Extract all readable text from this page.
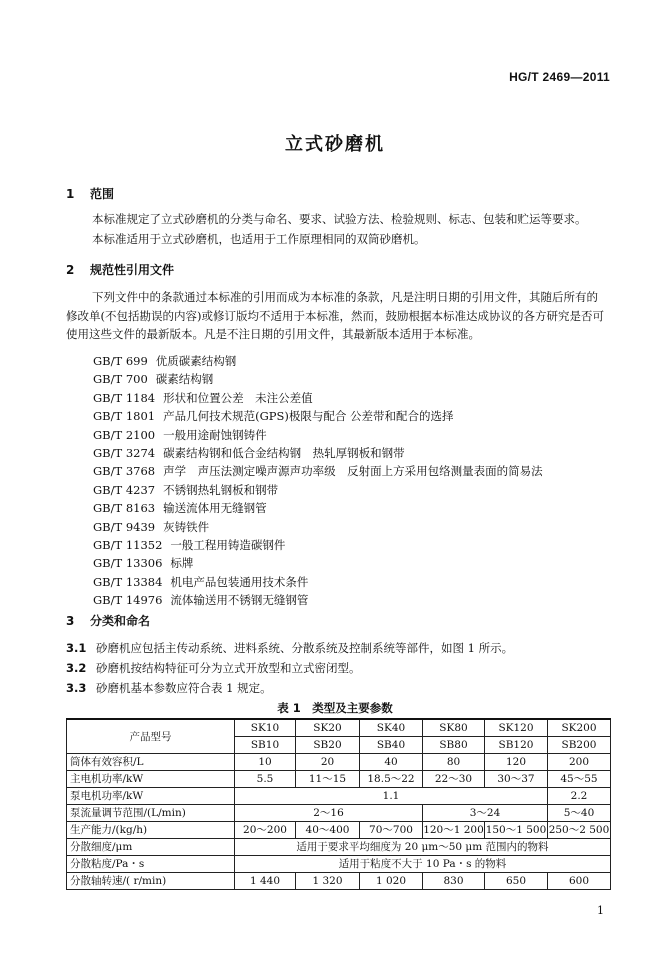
HG/T 2469—2011
立式砂磨机
1 范围
本标准规定了立式砂磨机的分类与命名、要求、试验方法、检验规则、标志、包装和贮运等要求。
本标准适用于立式砂磨机，也适用于工作原理相同的双筒砂磨机。
2 规范性引用文件
下列文件中的条款通过本标准的引用而成为本标准的条款，凡是注明日期的引用文件，其随后所有的修改单(不包括勘误的内容)或修订版均不适用于本标准，然而，鼓励根据本标准达成协议的各方研究是否可使用这些文件的最新版本。凡是不注日期的引用文件，其最新版本适用于本标准。
GB/T 699 优质碳素结构钢
GB/T 700 碳素结构钢
GB/T 1184 形状和位置公差　未注公差值
GB/T 1801 产品几何技术规范(GPS)极限与配合 公差带和配合的选择
GB/T 2100 一般用途耐蚀钢铸件
GB/T 3274 碳素结构钢和低合金结构钢　热轧厚钢板和钢带
GB/T 3768 声学　声压法测定噪声源声功率级　反射面上方采用包络测量表面的简易法
GB/T 4237 不锈钢热轧钢板和钢带
GB/T 8163 输送流体用无缝钢管
GB/T 9439 灰铸铁件
GB/T 11352 一般工程用铸造碳钢件
GB/T 13306 标牌
GB/T 13384 机电产品包装通用技术条件
GB/T 14976 流体输送用不锈钢无缝钢管
3 分类和命名
3.1 砂磨机应包括主传动系统、进料系统、分散系统及控制系统等部件，如图 1 所示。
3.2 砂磨机按结构特征可分为立式开放型和立式密闭型。
3.3 砂磨机基本参数应符合表 1 规定。
表 1　类型及主要参数
产品型号	SK10	SK20	SK40	SK80	SK120	SK200
	SB10	SB20	SB40	SB80	SB120	SB200
筒体有效容积/L	10	20	40	80	120	200
主电机功率/kW	5.5	11～15	18.5～22	22～30	30～37	45～55
泵电机功率/kW	1.1					2.2
泵流量调节范围/(L/min)	2～16			3～24		5～40
生产能力/(kg/h)	20～200	40～400	70～700	120～1 200	150～1 500	250～2 500
分散细度/μm	适用于要求平均细度为 20 μm～50 μm 范围内的物料					
分散粘度/Pa・s	适用于粘度不大于 10 Pa・s 的物料					
分散轴转速/( r/min)	1 440	1 320	1 020	830	650	600
1
